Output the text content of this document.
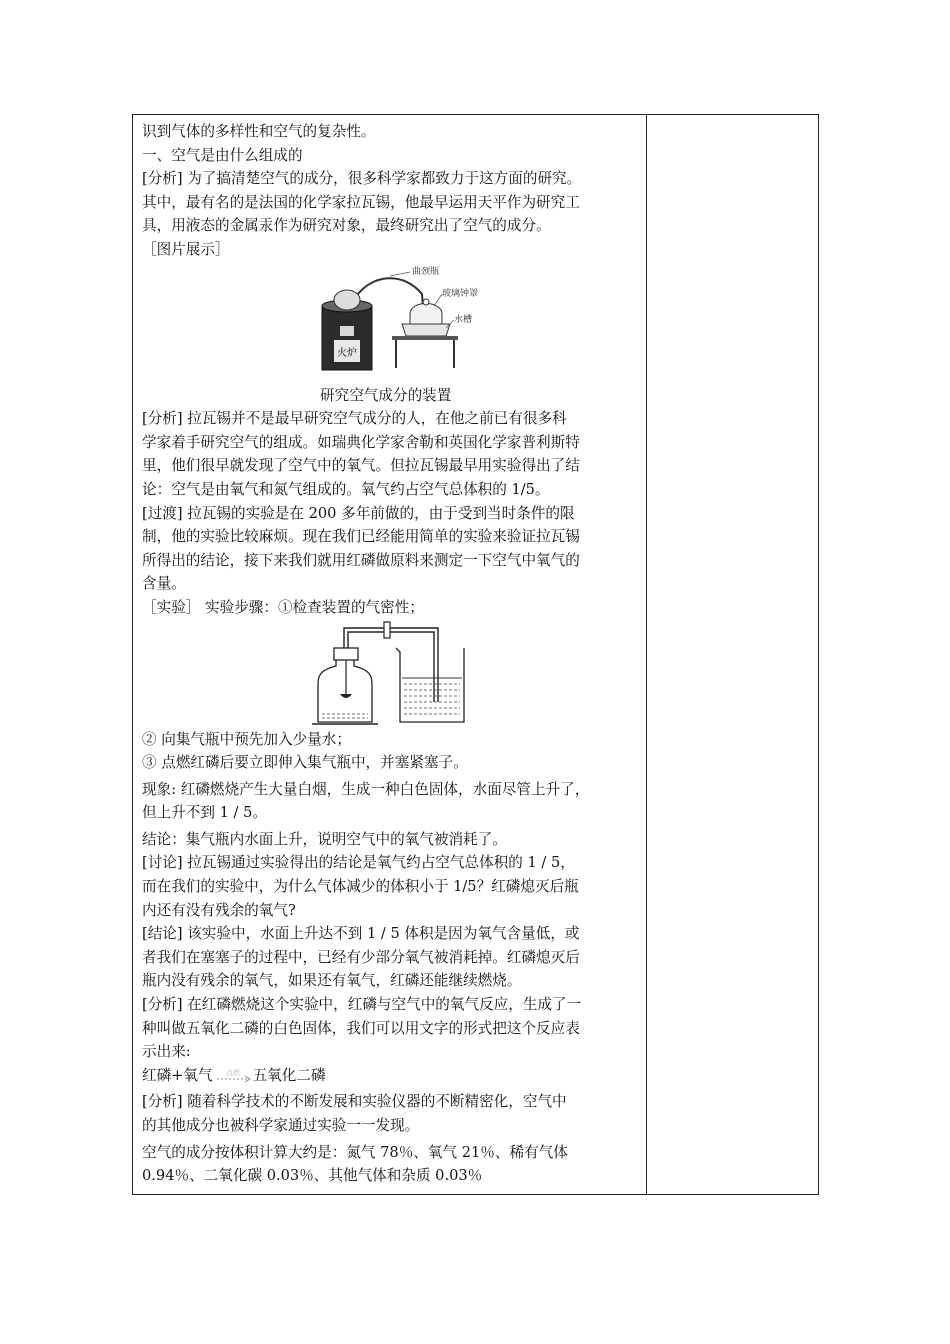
识到气体的多样性和空气的复杂性。

一、空气是由什么组成的

[分析] 为了搞清楚空气的成分，很多科学家都致力于这方面的研究。

其中，最有名的是法国的化学家拉瓦锡，他最早运用天平作为研究工

具，用液态的金属汞作为研究对象，最终研究出了空气的成分。

［图片展示］

火炉
曲颈瓶
玻璃钟罩
水槽

研究空气成分的装置

[分析] 拉瓦锡并不是最早研究空气成分的人，在他之前已有很多科

学家着手研究空气的组成。如瑞典化学家舍勒和英国化学家普利斯特

里，他们很早就发现了空气中的氧气。但拉瓦锡最早用实验得出了结

论：空气是由氧气和氮气组成的。氧气约占空气总体积的 1/5。

[过渡] 拉瓦锡的实验是在 200 多年前做的，由于受到当时条件的限

制，他的实验比较麻烦。现在我们已经能用简单的实验来验证拉瓦锡

所得出的结论，接下来我们就用红磷做原料来测定一下空气中氧气的

含量。

［实验］ 实验步骤：①检查装置的气密性；

② 向集气瓶中预先加入少量水；

③ 点燃红磷后要立即伸入集气瓶中，并塞紧塞子。

现象: 红磷燃烧产生大量白烟，生成一种白色固体，水面尽管上升了，

但上升不到 1 / 5。

结论：集气瓶内水面上升，说明空气中的氧气被消耗了。

[讨论] 拉瓦锡通过实验得出的结论是氧气约占空气总体积的 1 / 5，

而在我们的实验中，为什么气体减少的体积小于 1/5？红磷熄灭后瓶

内还有没有残余的氧气?

[结论] 该实验中，水面上升达不到 1 / 5 体积是因为氧气含量低，或

者我们在塞塞子的过程中，已经有少部分氧气被消耗掉。红磷熄灭后

瓶内没有残余的氧气，如果还有氧气，红磷还能继续燃烧。

[分析] 在红磷燃烧这个实验中，红磷与空气中的氧气反应，生成了一

种叫做五氧化二磷的白色固体，我们可以用文字的形式把这个反应表

示出来:

红磷+氧气 点燃 五氧化二磷

[分析] 随着科学技术的不断发展和实验仪器的不断精密化，空气中

的其他成分也被科学家通过实验一一发现。

空气的成分按体积计算大约是：氮气 78％、氧气 21％、稀有气体

0.94％、二氧化碳 0.03％、其他气体和杂质 0.03％
